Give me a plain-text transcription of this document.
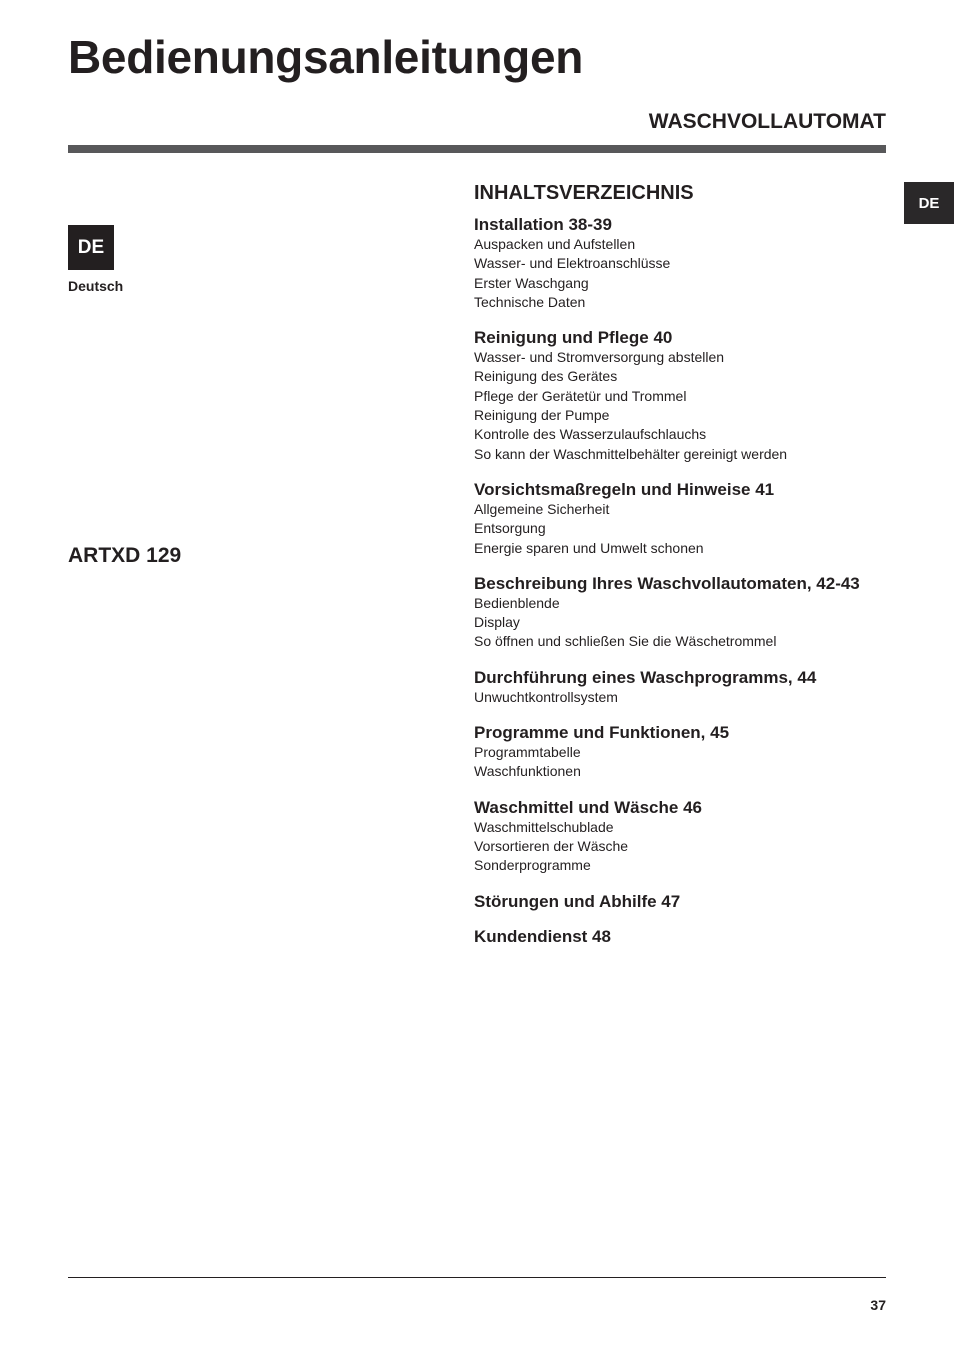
Bedienungsanleitungen
WASCHVOLLAUTOMAT
DE
DE
Deutsch
ARTXD 129
INHALTSVERZEICHNIS
Installation 38-39
Auspacken und Aufstellen
Wasser- und Elektroanschlüsse
Erster Waschgang
Technische Daten
Reinigung und Pflege 40
Wasser- und Stromversorgung abstellen
Reinigung des Gerätes
Pflege der Gerätetür und Trommel
Reinigung der Pumpe
Kontrolle des Wasserzulaufschlauchs
So kann der Waschmittelbehälter gereinigt werden
Vorsichtsmaßregeln und Hinweise 41
Allgemeine Sicherheit
Entsorgung
Energie sparen und Umwelt schonen
Beschreibung Ihres Waschvollautomaten, 42-43
Bedienblende
Display
So öffnen und schließen Sie die Wäschetrommel
Durchführung eines Waschprogramms, 44
Unwuchtkontrollsystem
Programme und Funktionen, 45
Programmtabelle
Waschfunktionen
Waschmittel und Wäsche 46
Waschmittelschublade
Vorsortieren der Wäsche
Sonderprogramme
Störungen und Abhilfe 47
Kundendienst 48
37
